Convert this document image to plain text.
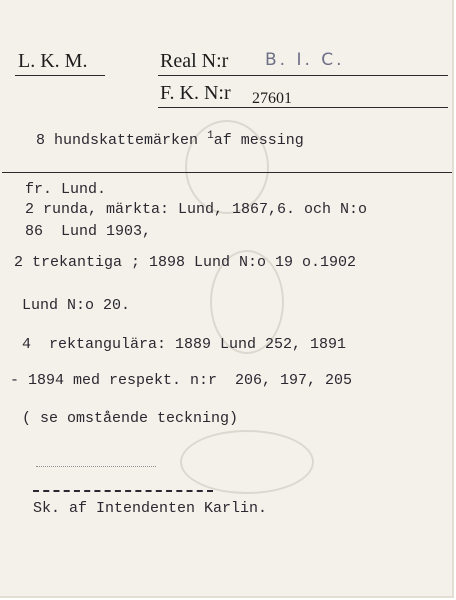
L. K. M.	Real N:r B. I. C.
F. K. N:r 27601
8 hundskattemärken $^1$af messing
fr. Lund.
2 runda, märkta: Lund, 1867,6. och N:o
86  Lund 1903,
2 trekantiga ; 1898 Lund N:o 19 o.1902
Lund N:o 20.
4  rektangulära: 1889 Lund 252, 1891
- 1894 med respekt. n:r  206, 197, 205
( se omstående teckning)
Sk. af Intendenten Karlin.
